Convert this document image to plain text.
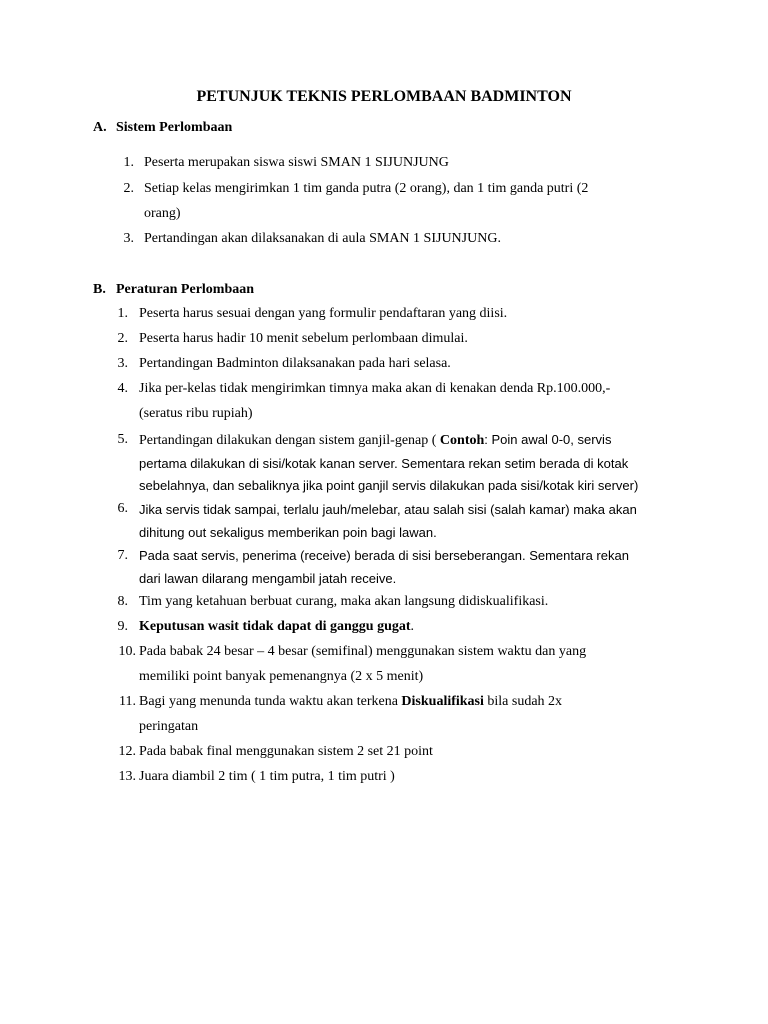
PETUNJUK TEKNIS PERLOMBAAN BADMINTON
A. Sistem Perlombaan
1. Peserta merupakan siswa siswi SMAN 1 SIJUNJUNG
2. Setiap kelas mengirimkan 1 tim ganda putra (2 orang), dan 1 tim ganda putri (2
orang)
3. Pertandingan akan dilaksanakan di aula SMAN 1 SIJUNJUNG.
B. Peraturan Perlombaan
1. Peserta harus sesuai dengan yang formulir pendaftaran yang diisi.
2. Peserta harus hadir 10 menit sebelum perlombaan dimulai.
3. Pertandingan Badminton dilaksanakan pada hari selasa.
4. Jika per-kelas tidak mengirimkan timnya maka akan di kenakan denda Rp.100.000,-
(seratus ribu rupiah)
5. Pertandingan dilakukan dengan sistem ganjil-genap ( Contoh: Poin awal 0-0, servis
pertama dilakukan di sisi/kotak kanan server. Sementara rekan setim berada di kotak
sebelahnya, dan sebaliknya jika point ganjil servis dilakukan pada sisi/kotak kiri server)
6. Jika servis tidak sampai, terlalu jauh/melebar, atau salah sisi (salah kamar) maka akan
dihitung out sekaligus memberikan poin bagi lawan.
7. Pada saat servis, penerima (receive) berada di sisi berseberangan. Sementara rekan
dari lawan dilarang mengambil jatah receive.
8. Tim yang ketahuan berbuat curang, maka akan langsung didiskualifikasi.
9. Keputusan wasit tidak dapat di ganggu gugat.
10. Pada babak 24 besar – 4 besar (semifinal) menggunakan sistem waktu dan yang
memiliki point banyak pemenangnya (2 x 5 menit)
11. Bagi yang menunda tunda waktu akan terkena Diskualifikasi bila sudah 2x
peringatan
12. Pada babak final menggunakan sistem 2 set 21 point
13. Juara diambil 2 tim ( 1 tim putra, 1 tim putri )
